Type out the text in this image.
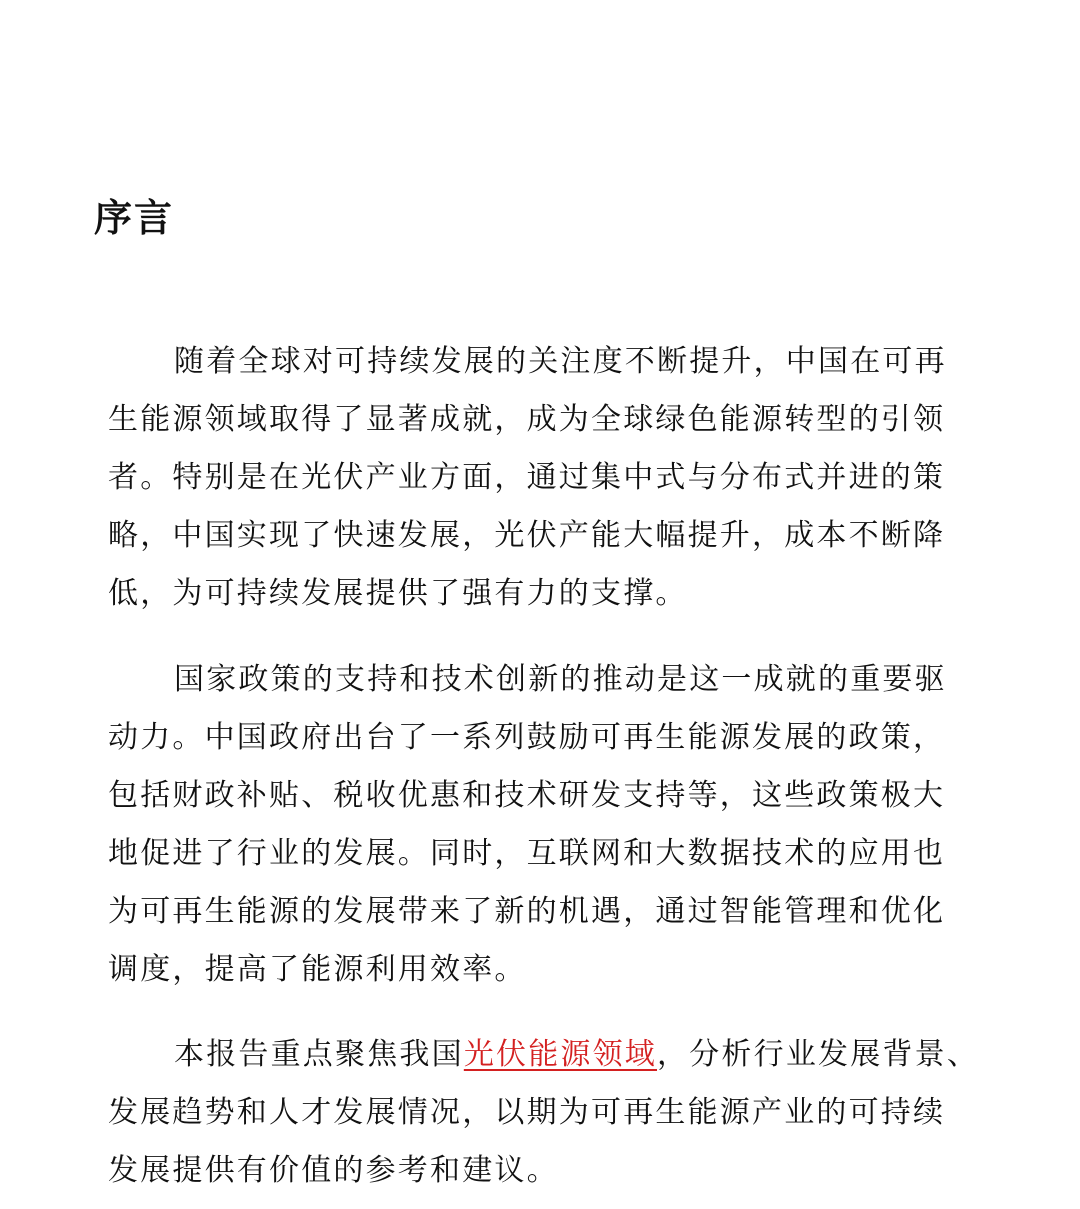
序言
随着全球对可持续发展的关注度不断提升，中国在可再
生能源领域取得了显著成就，成为全球绿色能源转型的引领
者。特别是在光伏产业方面，通过集中式与分布式并进的策
略，中国实现了快速发展，光伏产能大幅提升，成本不断降
低，为可持续发展提供了强有力的支撑。
国家政策的支持和技术创新的推动是这一成就的重要驱
动力。中国政府出台了一系列鼓励可再生能源发展的政策，
包括财政补贴、税收优惠和技术研发支持等，这些政策极大
地促进了行业的发展。同时，互联网和大数据技术的应用也
为可再生能源的发展带来了新的机遇，通过智能管理和优化
调度，提高了能源利用效率。
本报告重点聚焦我国光伏能源领域，分析行业发展背景、
发展趋势和人才发展情况，以期为可再生能源产业的可持续
发展提供有价值的参考和建议。
